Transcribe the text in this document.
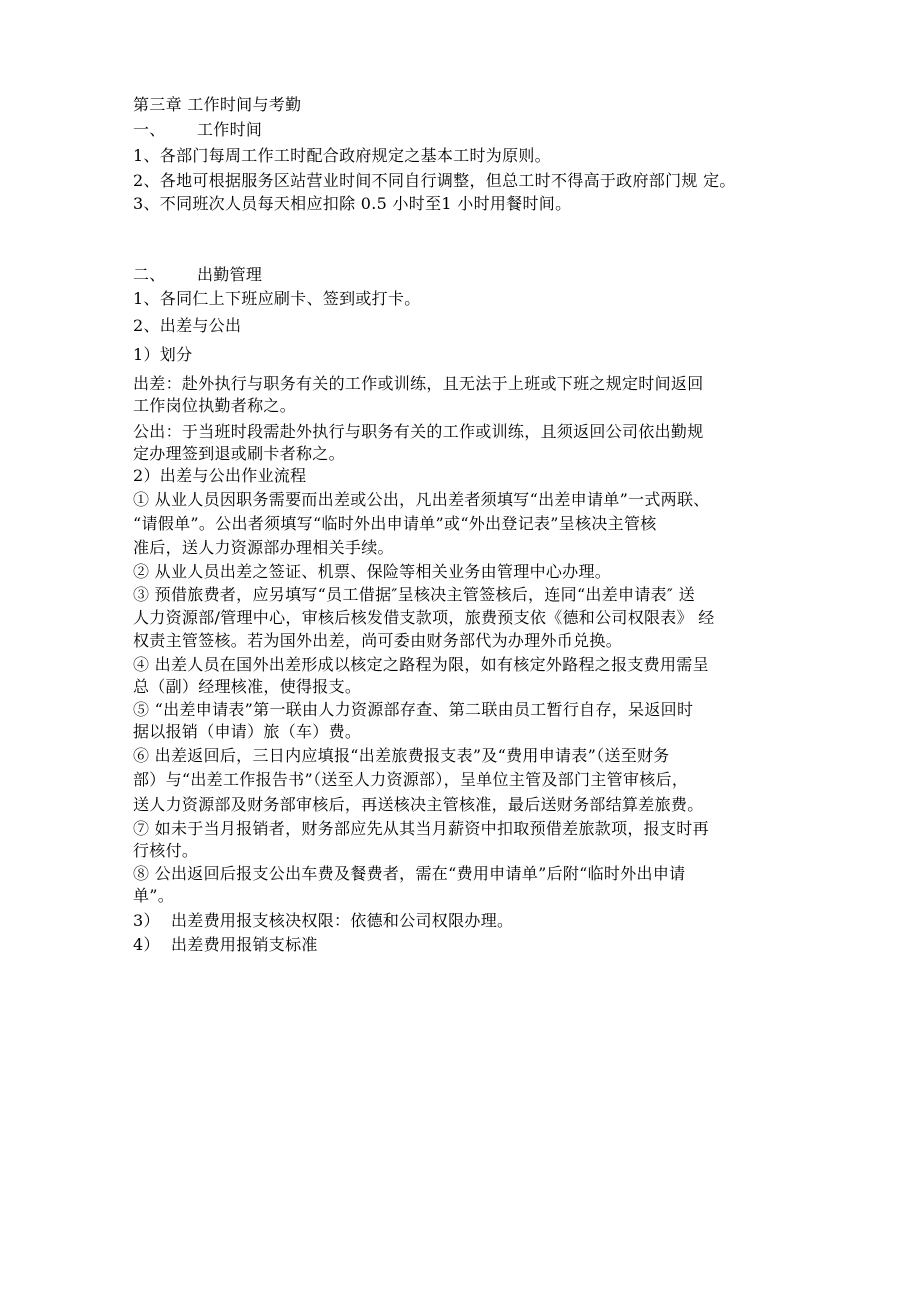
第三章 工作时间与考勤
一、 工作时间
1、各部门每周工作工时配合政府规定之基本工时为原则。
2、各地可根据服务区站营业时间不同自行调整，但总工时不得高于政府部门规 定。
3、不同班次人员每天相应扣除 0.5 小时至1 小时用餐时间。
二、 出勤管理
1、各同仁上下班应刷卡、签到或打卡。
2、出差与公出
1）划分
出差：赴外执行与职务有关的工作或训练，且无法于上班或下班之规定时间返回
工作岗位执勤者称之。
公出：于当班时段需赴外执行与职务有关的工作或训练，且须返回公司依出勤规
定办理签到退或刷卡者称之。
2）出差与公出作业流程
① 从业人员因职务需要而出差或公出，凡出差者须填写“出差申请单”一式两联、
“请假单”。公出者须填写“临时外出申请单”或“外出登记表”呈核决主管核
准后，送人力资源部办理相关手续。
② 从业人员出差之签证、机票、保险等相关业务由管理中心办理。
③ 预借旅费者，应另填写“员工借据″呈核决主管签核后，连同“出差申请表″ 送
人力资源部/管理中心，审核后核发借支款项，旅费预支依《德和公司权限表》 经
权责主管签核。若为国外出差，尚可委由财务部代为办理外币兑换。
④ 出差人员在国外出差形成以核定之路程为限，如有核定外路程之报支费用需呈
总（副）经理核准，使得报支。
⑤ “出差申请表”第一联由人力资源部存查、第二联由员工暂行自存，呆返回时
据以报销（申请）旅（车）费。
⑥ 出差返回后，三日内应填报“出差旅费报支表”及“费用申请表”（送至财务
部）与“出差工作报告书”（送至人力资源部），呈单位主管及部门主管审核后，
送人力资源部及财务部审核后，再送核决主管核准，最后送财务部结算差旅费。
⑦ 如未于当月报销者，财务部应先从其当月薪资中扣取预借差旅款项，报支时再
行核付。
⑧ 公出返回后报支公出车费及餐费者，需在“费用申请单”后附“临时外出申请
单”。
3） 出差费用报支核决权限：依德和公司权限办理。
4） 出差费用报销支标准
